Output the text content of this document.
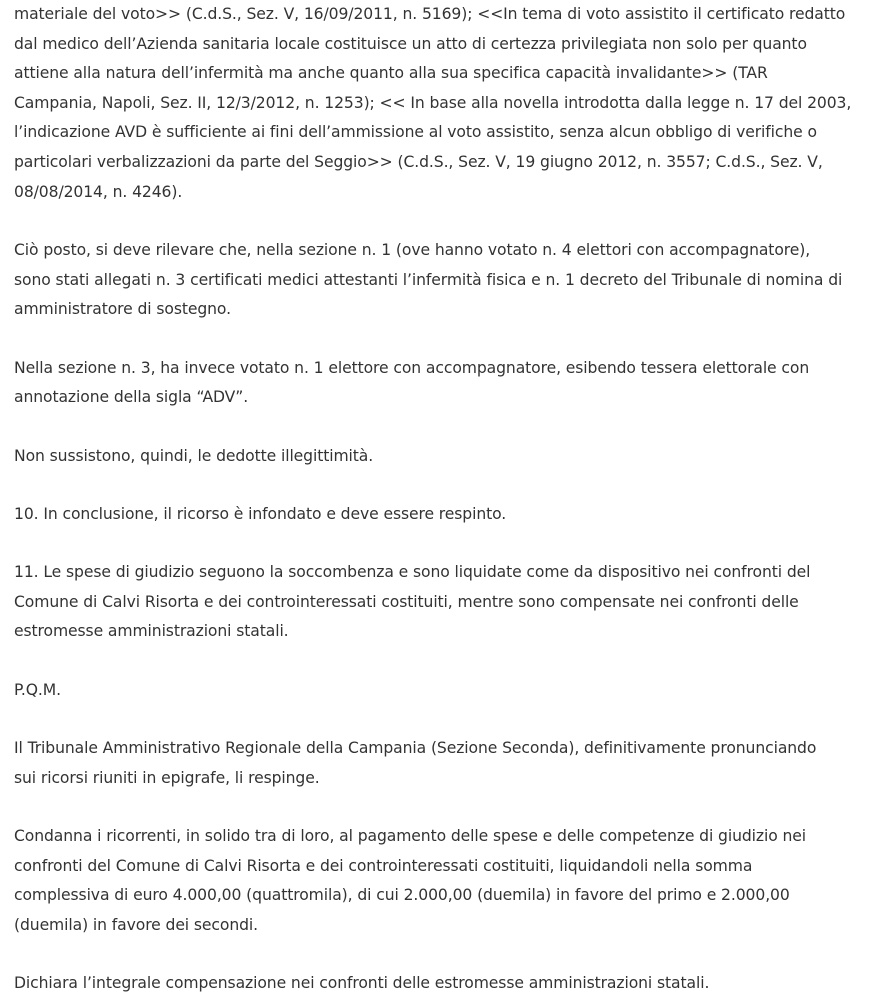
materiale del voto>> (C.d.S., Sez. V, 16/09/2011, n. 5169); <<In tema di voto assistito il certificato redatto
dal medico dell’Azienda sanitaria locale costituisce un atto di certezza privilegiata non solo per quanto
attiene alla natura dell’infermità ma anche quanto alla sua specifica capacità invalidante>> (TAR
Campania, Napoli, Sez. II, 12/3/2012, n. 1253); << In base alla novella introdotta dalla legge n. 17 del 2003,
l’indicazione AVD è sufficiente ai fini dell’ammissione al voto assistito, senza alcun obbligo di verifiche o
particolari verbalizzazioni da parte del Seggio>> (C.d.S., Sez. V, 19 giugno 2012, n. 3557; C.d.S., Sez. V,
08/08/2014, n. 4246).
Ciò posto, si deve rilevare che, nella sezione n. 1 (ove hanno votato n. 4 elettori con accompagnatore),
sono stati allegati n. 3 certificati medici attestanti l’infermità fisica e n. 1 decreto del Tribunale di nomina di
amministratore di sostegno.
Nella sezione n. 3, ha invece votato n. 1 elettore con accompagnatore, esibendo tessera elettorale con
annotazione della sigla “ADV”.
Non sussistono, quindi, le dedotte illegittimità.
10. In conclusione, il ricorso è infondato e deve essere respinto.
11. Le spese di giudizio seguono la soccombenza e sono liquidate come da dispositivo nei confronti del
Comune di Calvi Risorta e dei controinteressati costituiti, mentre sono compensate nei confronti delle
estromesse amministrazioni statali.
P.Q.M.
Il Tribunale Amministrativo Regionale della Campania (Sezione Seconda), definitivamente pronunciando
sui ricorsi riuniti in epigrafe, li respinge.
Condanna i ricorrenti, in solido tra di loro, al pagamento delle spese e delle competenze di giudizio nei
confronti del Comune di Calvi Risorta e dei controinteressati costituiti, liquidandoli nella somma
complessiva di euro 4.000,00 (quattromila), di cui 2.000,00 (duemila) in favore del primo e 2.000,00
(duemila) in favore dei secondi.
Dichiara l’integrale compensazione nei confronti delle estromesse amministrazioni statali.
